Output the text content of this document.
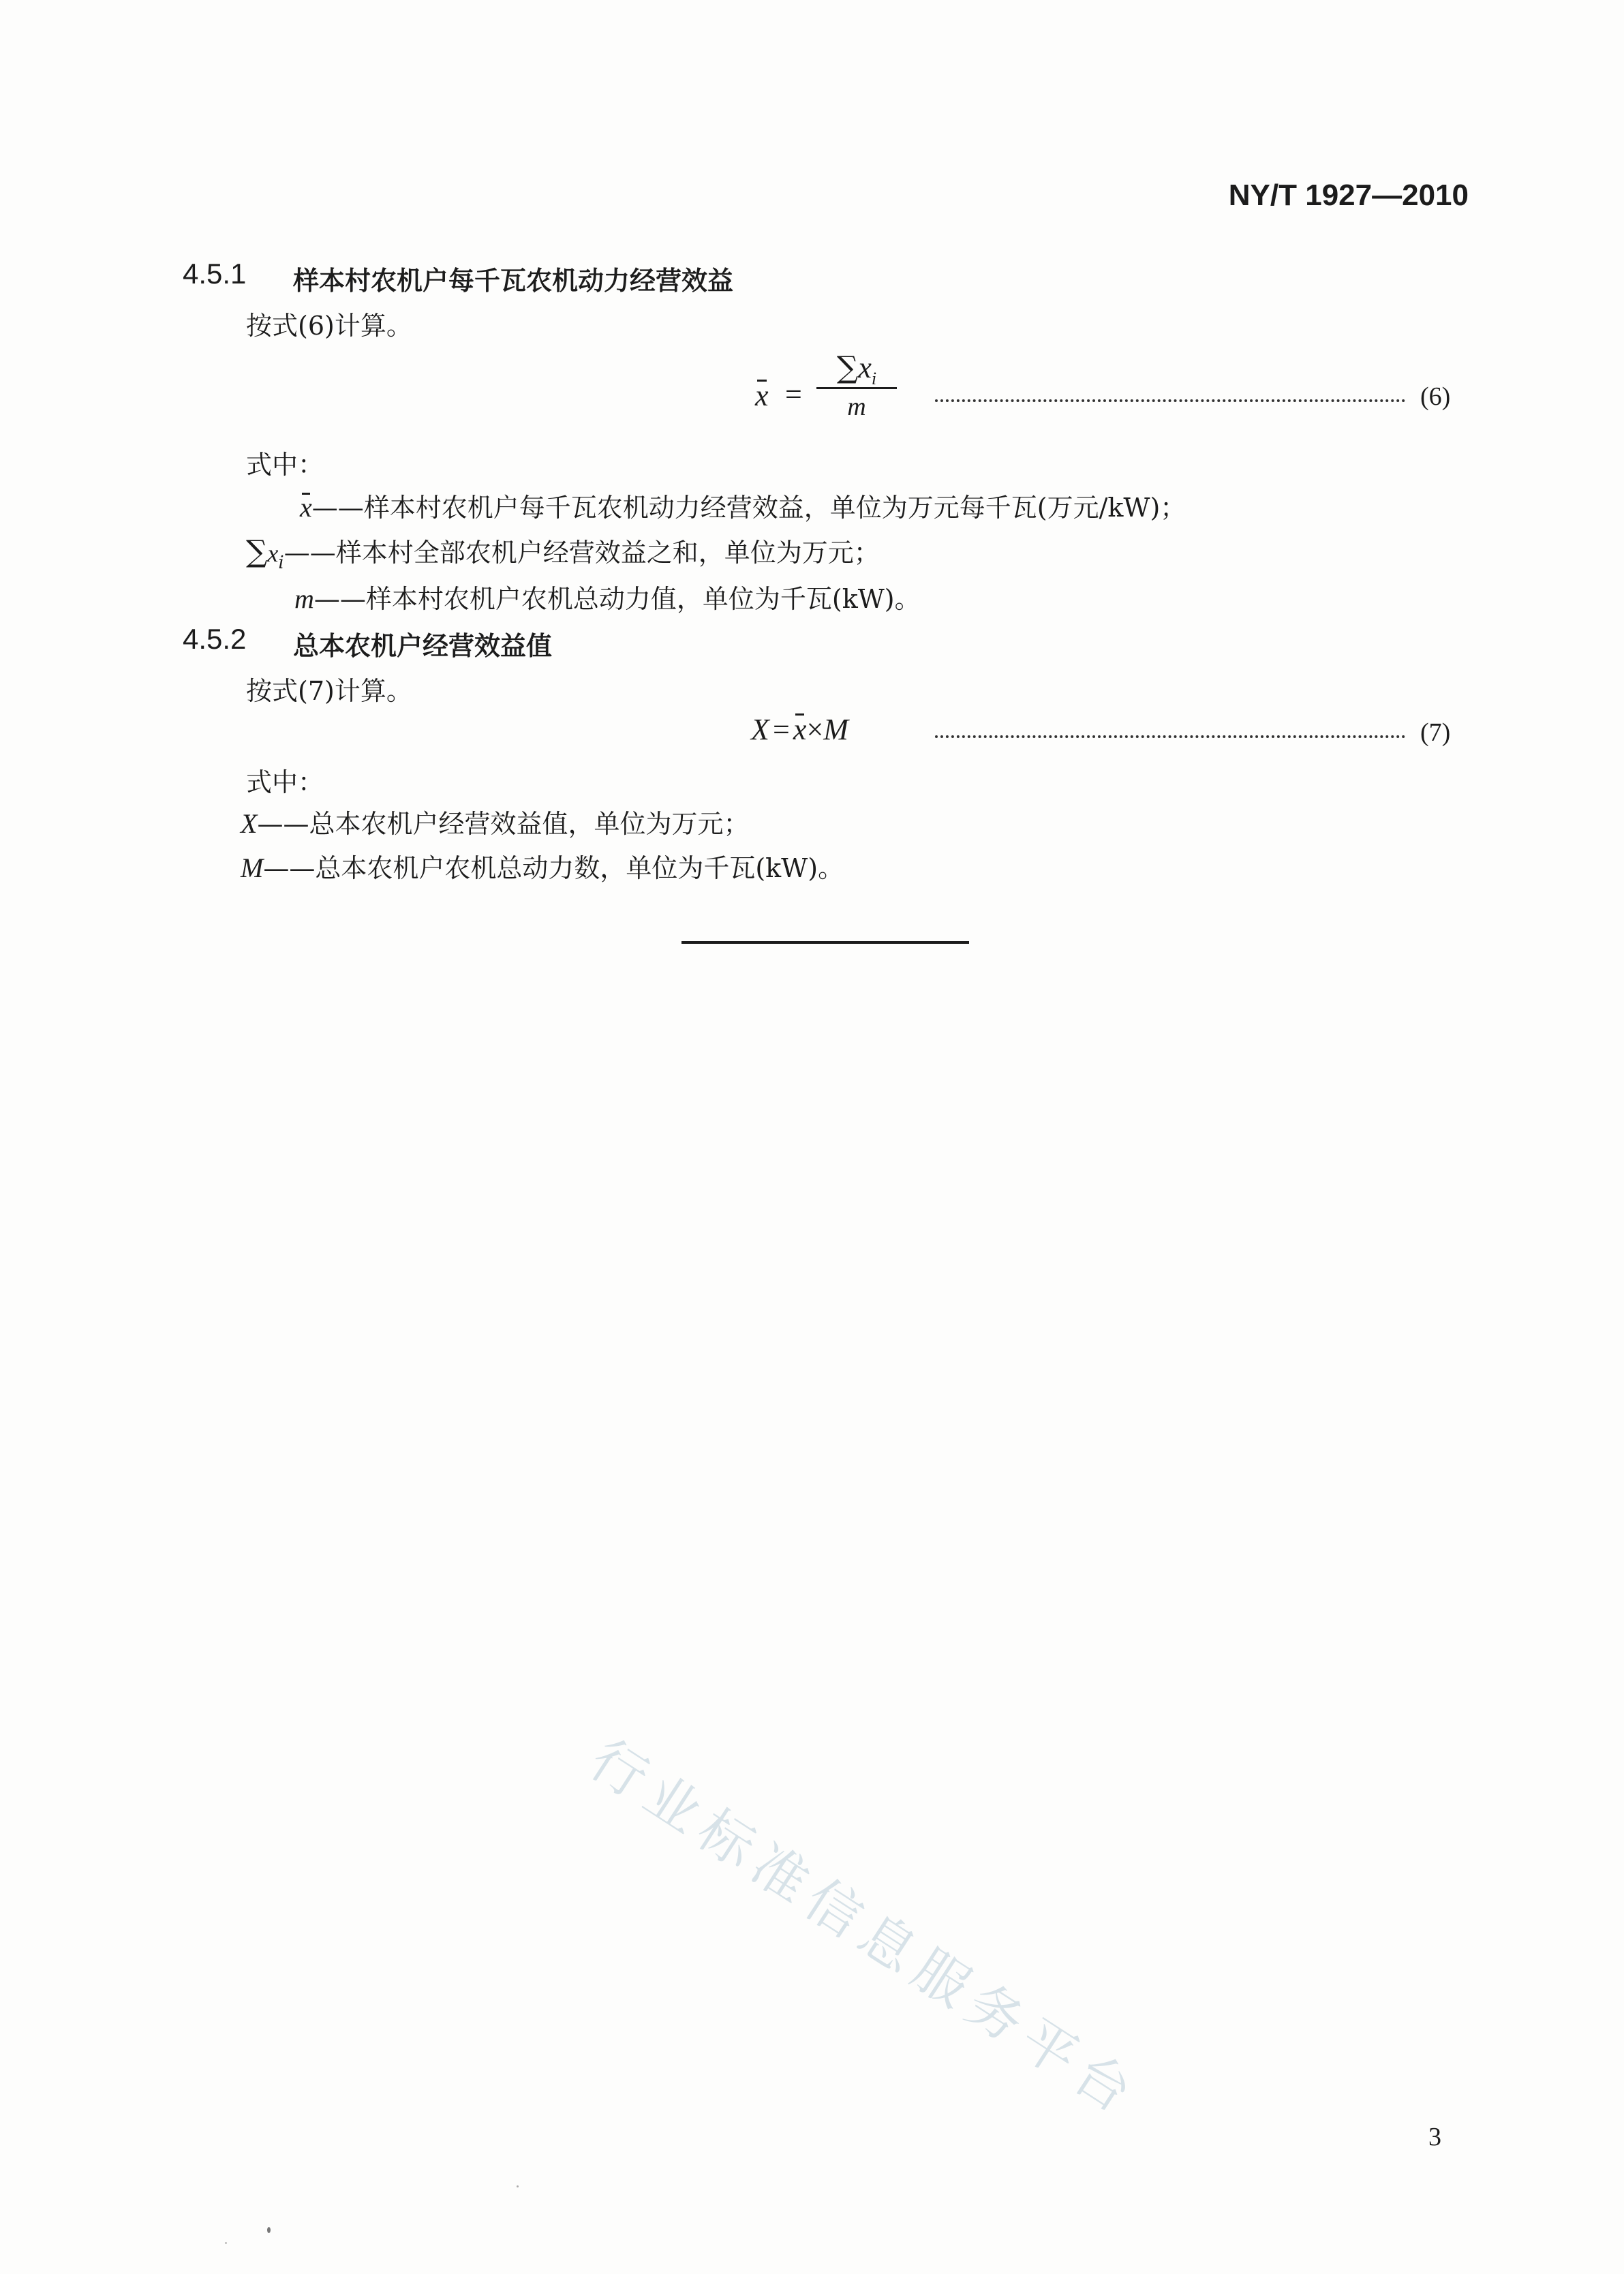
NY/T 1927—2010
4.5.1 样本村农机户每千瓦农机动力经营效益
按式(6)计算。
x =
$\sum x_i$
m	(6)
式中：
x——样本村农机户每千瓦农机动力经营效益，单位为万元每千瓦(万元/kW)；
$\sum x_i——$样本村全部农机户经营效益之和，单位为万元；
m——样本村农机户农机总动力值，单位为千瓦(kW)。
4.5.2 总本农机户经营效益值
按式(7)计算。
X = x×M	(7)
式中：
X——总本农机户经营效益值，单位为万元；
M——总本农机户农机总动力数，单位为千瓦(kW)。
行业标准信息服务平台
3
